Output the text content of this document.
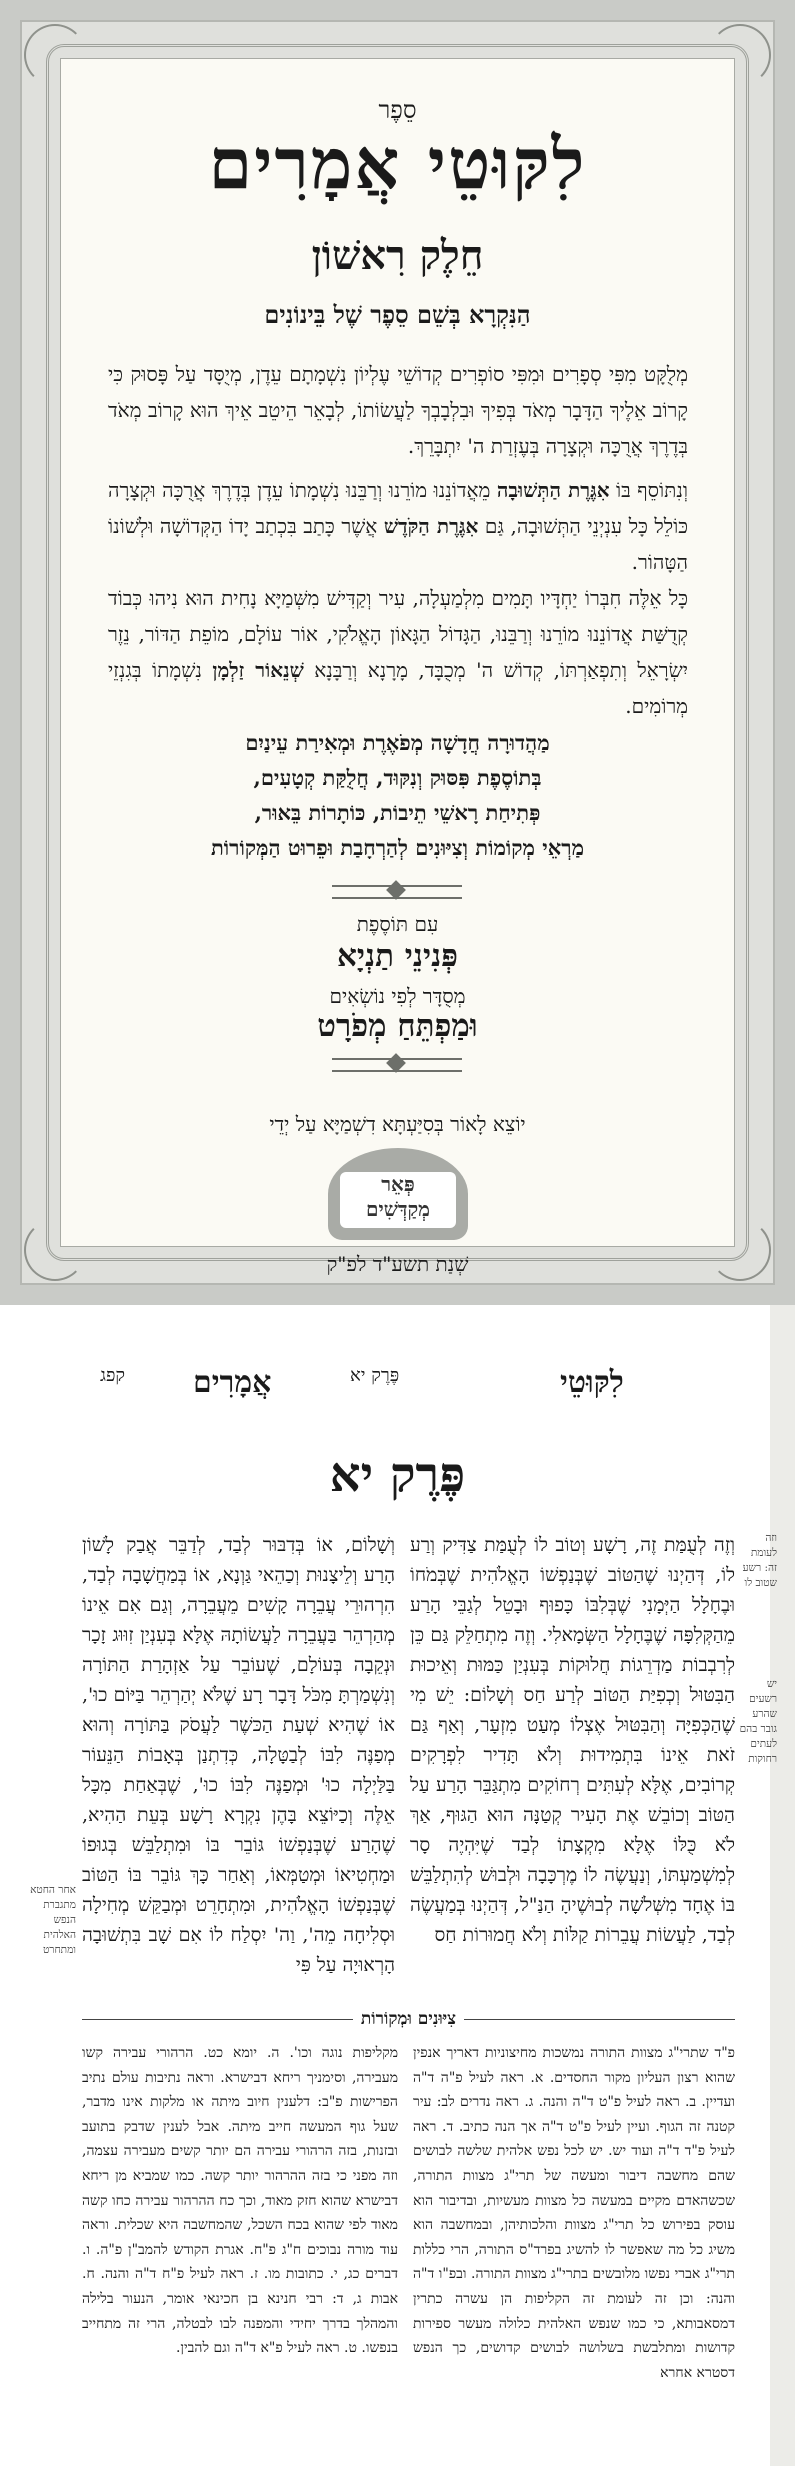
סֵפֶר
לִקּוּטֵי אֲמָרִים
חֵלֶק רִאשׁוֹן
הַנִּקְרָא בְּשֵׁם סֵפֶר שֶׁל בֵּינוֹנִים
מְלֻקָּט מִפִּי סְפָרִים וּמִפִּי סוֹפְרִים קְדוֹשֵׁי עֶלְיוֹן נִשְׁמָתָם עֵדֶן, מְיֻסָּד עַל פָּסוּק כִּי קָרוֹב אֵלֶיךָ הַדָּבָר מְאֹד בְּפִיךָ וּבִלְבָבְךָ לַעֲשׂוֹתוֹ, לְבָאֵר הֵיטֵב אֵיךְ הוּא קָרוֹב מְאֹד בְּדֶרֶךְ אֲרֻכָּה וּקְצָרָה בְּעֶזְרַת ה' יִתְבָּרֵךְ.
וְנִתּוֹסֵף בּוֹ אִגֶּרֶת הַתְּשׁוּבָה מֵאֲדוֹנֵנוּ מוֹרֵנוּ וְרַבֵּנוּ נִשְׁמָתוֹ עֵדֶן בְּדֶרֶךְ אֲרֻכָּה וּקְצָרָה כּוֹלֵל כָּל עִנְיְנֵי הַתְּשׁוּבָה, גַּם אִגֶּרֶת הַקֹּדֶשׁ אֲשֶׁר כָּתַב בִּכְתַב יָדוֹ הַקְּדוֹשָׁה וּלְשׁוֹנוֹ הַטָּהוֹר.
כָּל אֵלֶּה חִבְּרוֹ יַחְדָּיו תָּמִים מִלְמַעְלָה, עִיר וְקַדִּישׁ מִשְּׁמַיָּא נָחִית הוּא נִיהוּ כְּבוֹד קְדֻשַּׁת אֲדוֹנֵנוּ מוֹרֵנוּ וְרַבֵּנוּ, הַגָּדוֹל הַגָּאוֹן הָאֱלֹקִי, אוֹר עוֹלָם, מוֹפֵת הַדּוֹר, נֵזֶר יִשְׂרָאֵל וְתִפְאַרְתּוֹ, קְדוֹשׁ ה' מְכֻבָּד, מָרָנָא וְרַבָּנָא שְׁנֵאוֹר זַלְמָן נִשְׁמָתוֹ בְּגִנְזֵי מְרוֹמִים.
מַהֲדוּרָה חֲדָשָׁה מְפֹאֶרֶת וּמְאִירַת עֵינַיִם
בְּתוֹסֶפֶת פִּסּוּק וְנִקּוּד, חֲלֻקַּת קְטָעִים,
פְּתִיחַת רָאשֵׁי תֵיבוֹת, כּוֹתָרוֹת בֵּאוּר,
מַרְאֵי מְקוֹמוֹת וְצִיּוּנִים לְהַרְחָבַת וּפֵרוּט הַמְּקוֹרוֹת
עִם תּוֹסֶפֶת
פְּנִינֵי תַנְיָא
מְסֻדָּר לְפִי נוֹשְׂאִים
וּמַפְתֵּחַ מְפֹרָט
יוֹצֵא לָאוֹר בְּסִיַּעְתָּא דִשְׁמַיָּא עַל יְדֵי
פְּאֵר
מְקַדְּשִׁים
שְׁנַת תשע"ד לפ"ק
לִקּוּטֵי
פֶּרֶק יא
אֲמָרִים
קפג
פֶּרֶק יא
וזה לעומת זה: רשע שטוב לו
יש רשעים שהרע גובר בהם לעתים רחוקות
אחר החטא מתגברת הנפש האלהית ומתחרט
וְזֶה לְעֻמַּת זֶה, רָשָׁע וְטוֹב לוֹ לְעֻמַּת צַדִּיק וְרַע לוֹ, דְּהַיְנוּ שֶׁהַטּוֹב שֶׁבְּנַפְשׁוֹ הָאֱלֹהִית שֶׁבְּמֹחוֹ וּבֶחָלָל הַיְּמָנִי שֶׁבְּלִבּוֹ כָּפוּף וּבָטֵל לְגַבֵּי הָרַע מֵהַקְּלִפָּה שֶׁבֶּחָלָל הַשְּׂמָאלִי. וְזֶה מִתְחַלֵּק גַּם כֵּן לְרִבְבוֹת מַדְרֵגוֹת חֲלוּקוֹת בְּעִנְיַן כַּמּוּת וְאֵיכוּת הַבִּטּוּל וְכְפִיַּת הַטּוֹב לְרַע חַס וְשָׁלוֹם: יֵשׁ מִי שֶׁהַכְּפִיָּה וְהַבִּטּוּל אֶצְלוֹ מְעַט מִזְעָר, וְאַף גַּם זֹאת אֵינוֹ בִּתְמִידוּת וְלֹא תָּדִיר לִפְרָקִים קְרוֹבִים, אֶלָּא לְעִתִּים רְחוֹקִים מִתְגַּבֵּר הָרַע עַל הַטּוֹב וְכוֹבֵשׁ אֶת הָעִיר קְטַנָּה הוּא הַגּוּף, אַךְ לֹא כֻּלּוֹ אֶלָּא מִקְצָתוֹ לְבַד שֶׁיִּהְיֶה סָר לְמִשְׁמַעְתּוֹ, וְנַעֲשֶׂה לוֹ מֶרְכָּבָה וּלְבוּשׁ לְהִתְלַבֵּשׁ בּוֹ אֶחָד מִשְּׁלֹשָׁה לְבוּשֶׁיהָ הַנַּ"ל, דְּהַיְנוּ בְּמַעֲשֶׂה לְבַד, לַעֲשׂוֹת עֲבֵרוֹת קַלּוֹת וְלֹא חֲמוּרוֹת חַס
וְשָׁלוֹם, אוֹ בְּדִבּוּר לְבַד, לְדַבֵּר אֲבַק לָשׁוֹן הָרַע וְלֵיצָנוּת וְכַהֵאי גַּוְנָא, אוֹ בְּמַחֲשָׁבָה לְבַד, הִרְהוּרֵי עֲבֵרָה קָשִׁים מֵעֲבֵרָה, וְגַם אִם אֵינוֹ מְהַרְהֵר בַּעֲבֵרָה לַעֲשׂוֹתָהּ אֶלָּא בְּעִנְיַן זִוּוּג זָכָר וּנְקֵבָה בְּעוֹלָם, שֶׁעוֹבֵר עַל אַזְהָרַת הַתּוֹרָה וְנִשְׁמַרְתָּ מִכֹּל דָּבָר רָע שֶׁלֹּא יְהַרְהֵר בַּיּוֹם כוּ', אוֹ שֶׁהִיא שְׁעַת הַכּשֶׁר לַעֲסֹק בַּתּוֹרָה וְהוּא מְפַנֶּה לִבּוֹ לְבַטָּלָה, כְּדִתְנַן בְּאָבוֹת הַנֵּעוֹר בַּלַּיְלָה כוּ' וּמְפַנֶּה לִבּוֹ כוּ', שֶׁבְּאַחַת מִכָּל אֵלֶּה וְכַיּוֹצֵא בָּהֶן נִקְרָא רָשָׁע בְּעֵת הַהִיא, שֶׁהָרַע שֶׁבְּנַפְשׁוֹ גּוֹבֵר בּוֹ וּמִתְלַבֵּשׁ בְּגוּפוֹ וּמַחְטִיאוֹ וּמְטַמְּאוֹ, וְאַחַר כָּךְ גּוֹבֵר בּוֹ הַטּוֹב שֶׁבְּנַפְשׁוֹ הָאֱלֹהִית, וּמִתְחָרֵט וּמְבַקֵּשׁ מְחִילָה וּסְלִיחָה מֵה', וַה' יִסְלַח לוֹ אִם שָׁב בִּתְשׁוּבָה הָרְאוּיָה עַל פִּי
צִיּוּנִים וּמְקוֹרוֹת
פ"ד שתרי"ג מצוות התורה נמשכות מחיצוניות דאריך אנפין שהוא רצון העליון מקור החסדים. א. ראה לעיל פ"ה ד"ה ועדיין. ב. ראה לעיל פ"ט ד"ה והנה. ג. ראה נדרים לב: עיר קטנה זה הגוף. ועיין לעיל פ"ט ד"ה אך הנה כתיב. ד. ראה לעיל פ"ד ד"ה ועוד יש. יש לכל נפש אלהית שלשה לבושים שהם מחשבה דיבור ומעשה של תרי"ג מצוות התורה, שכשהאדם מקיים במעשה כל מצוות מעשיות, ובדיבור הוא עוסק בפירוש כל תרי"ג מצוות והלכותיהן, ובמחשבה הוא משיג כל מה שאפשר לו להשיג בפרד"ס התורה, הרי כללות תרי"ג אברי נפשו מלובשים בתרי"ג מצוות התורה. ובפ"ו ד"ה והנה: וכן זה לעומת זה הקליפות הן עשרה כתרין דמסאבותא, כי כמו שנפש האלהית כלולה מעשר ספירות קדושות ומתלבשת בשלושה לבושים קדושים, כך הנפש דסטרא אחרא
מקליפות נוגה וכו'. ה. יומא כט. הרהורי עבירה קשו מעבירה, וסימניך ריחא דבישרא. וראה נתיבות עולם נתיב הפרישות פ"ב: דלענין חיוב מיתה או מלקות אינו מדבר, שעל גוף המעשה חייב מיתה. אבל לענין שדבק בתועב ובזנות, בזה הרהורי עבירה הם יותר קשים מעבירה עצמה, וזה מפני כי בזה ההרהור יותר קשה. כמו שמביא מן ריחא דבישרא שהוא חזק מאוד, וכך כח ההרהור עבירה כחו קשה מאוד לפי שהוא בכח השכל, שהמחשבה היא שכלית. וראה עוד מורה נבוכים ח"ג פ"ח. אגרת הקודש להמב"ן פ"ה. ו. דברים כג, י. כתובות מו. ז. ראה לעיל פ"ח ד"ה והנה. ח. אבות ג, ד: רבי חנינא בן חכינאי אומר, הנעור בלילה והמהלך בדרך יחידי והמפנה לבו לבטלה, הרי זה מתחייב בנפשו. ט. ראה לעיל פ"א ד"ה וגם להבין.
